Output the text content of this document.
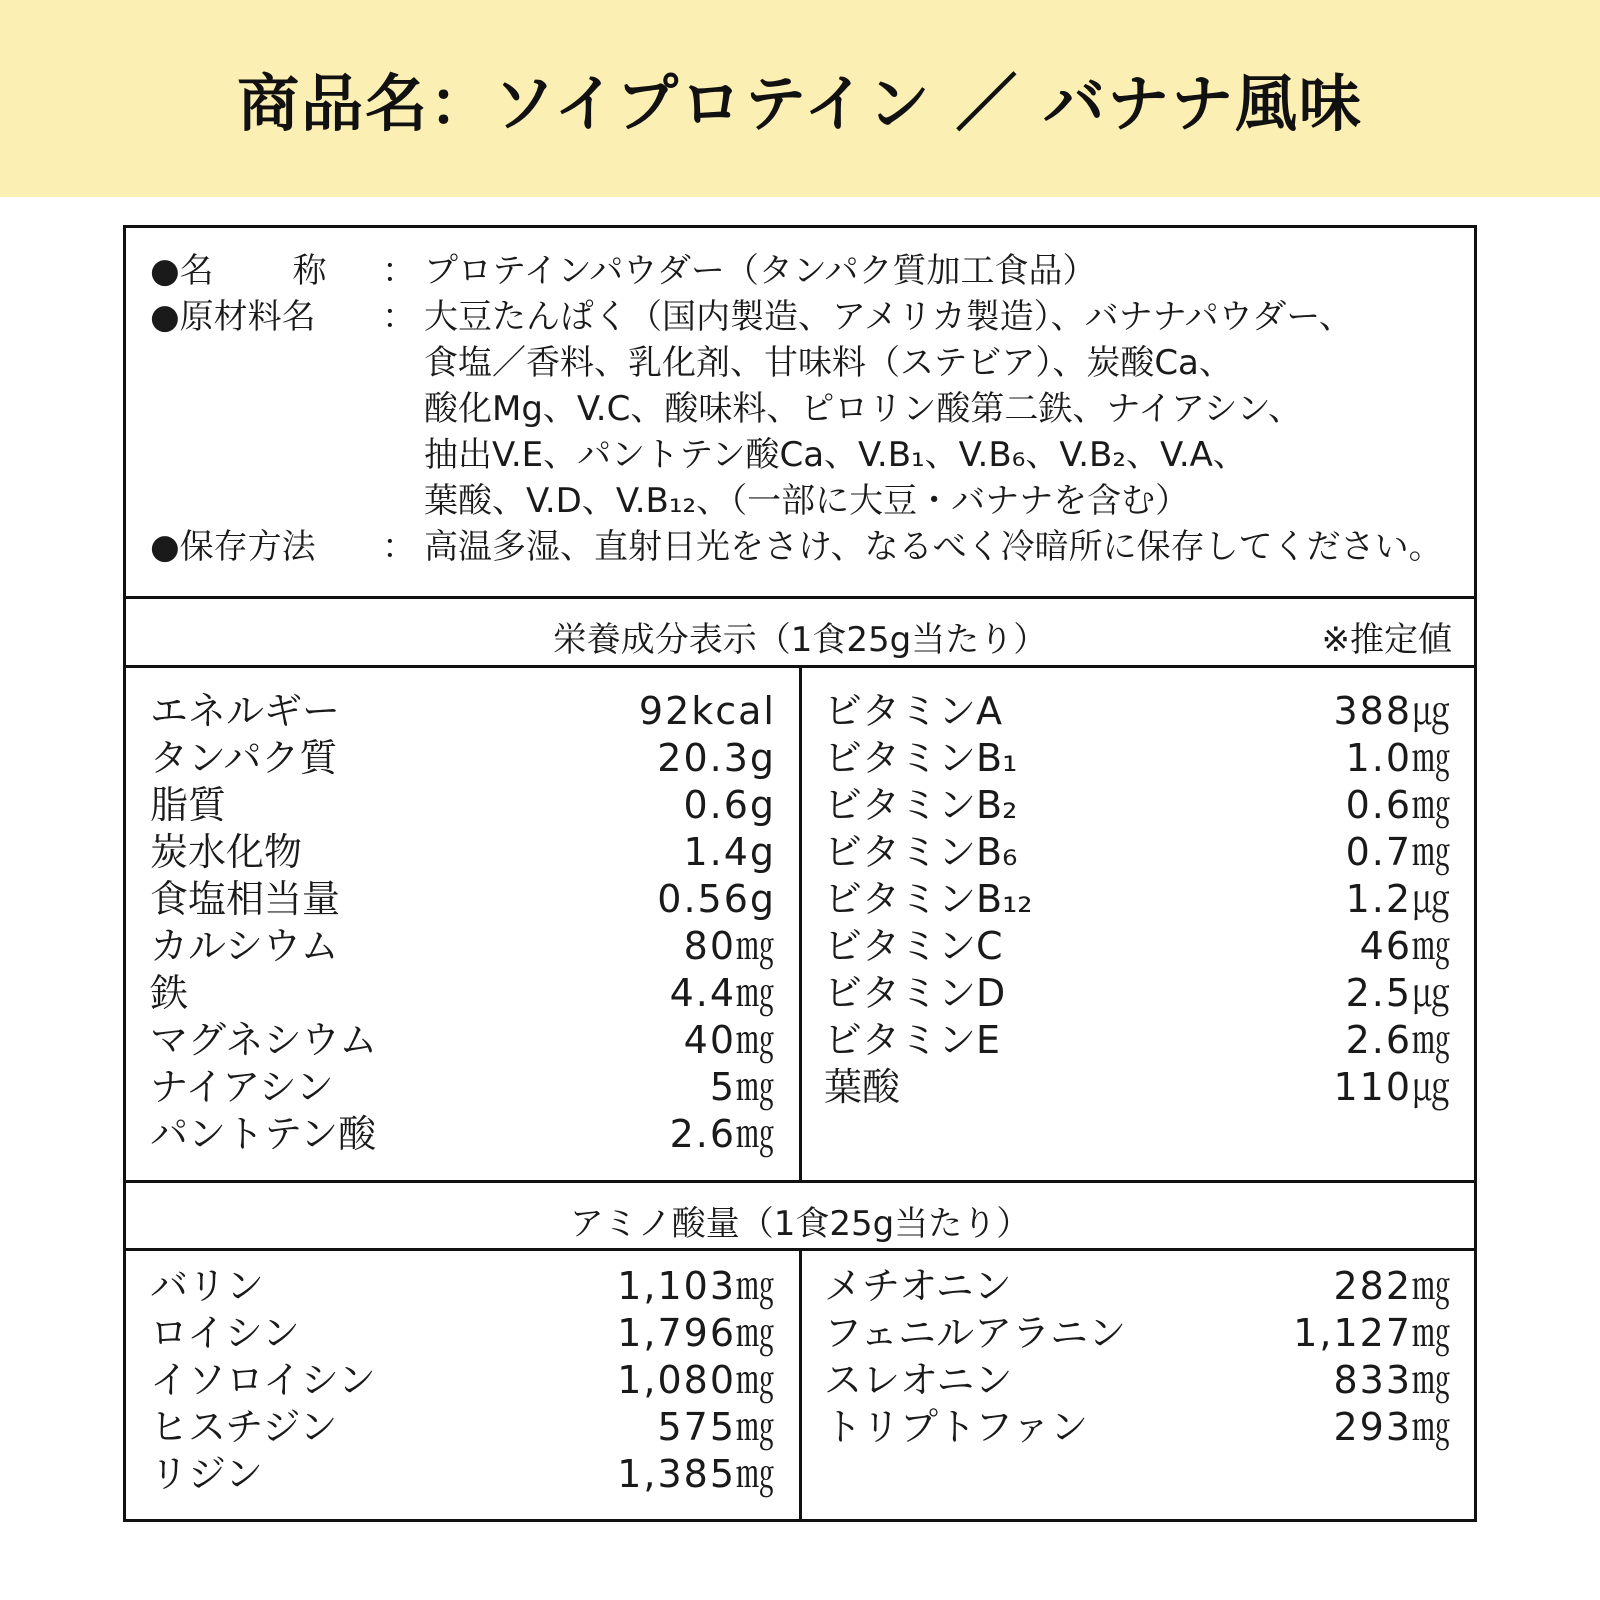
商品名：ソイプロテイン ／ バナナ風味
●名　　 称	： プロテインパウダー（タンパク質加工食品）
●原材料名	： 大豆たんぱく（国内製造、アメリカ製造）、バナナパウダー、
食塩／香料、乳化剤、甘味料（ステビア）、炭酸Ca、
酸化Mg、V.C、酸味料、ピロリン酸第二鉄、ナイアシン、
抽出V.E、パントテン酸Ca、V.B₁、V.B₆、V.B₂、V.A、
葉酸、V.D、V.B₁₂、（一部に大豆・バナナを含む）
●保存方法	： 高温多湿、直射日光をさけ、なるべく冷暗所に保存してください。
栄養成分表示（1食25g当たり）	※推定値
エネルギー	92kcal
タンパク質	20.3g
脂質	0.6g
炭水化物	1.4g
食塩相当量	0.56g
カルシウム	80㎎
鉄	4.4㎎
マグネシウム	40㎎
ナイアシン	5㎎
パントテン酸	2.6㎎
ビタミンA	388㎍
ビタミンB₁	1.0㎎
ビタミンB₂	0.6㎎
ビタミンB₆	0.7㎎
ビタミンB₁₂	1.2㎍
ビタミンC	46㎎
ビタミンD	2.5㎍
ビタミンE	2.6㎎
葉酸	110㎍
アミノ酸量（1食25g当たり）
バリン	1,103㎎
ロイシン	1,796㎎
イソロイシン	1,080㎎
ヒスチジン	575㎎
リジン	1,385㎎
メチオニン	282㎎
フェニルアラニン	1,127㎎
スレオニン	833㎎
トリプトファン	293㎎
